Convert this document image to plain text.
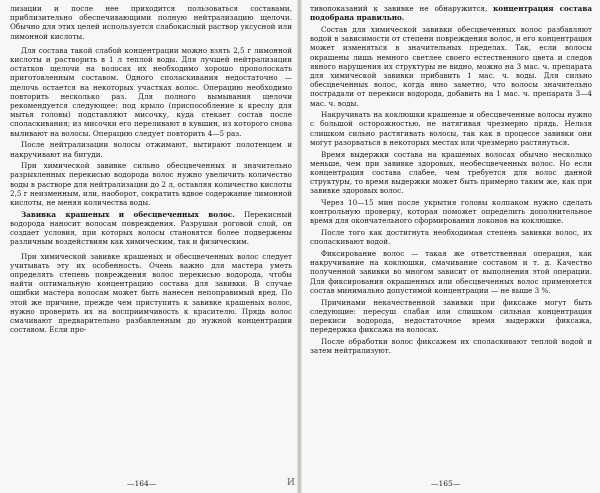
лизации и после нее приходится пользоваться составами, приблизительно обеспечивающими полную нейтрализацию щелочи. Обычно для этих целей используется слабокислый раствор уксусной или лимонной кислоты.

Для состава такой слабой концентрации можно взять 2,5 г лимонной кислоты и растворить в 1 л теплой воды. Для лучшей нейтрализации остатков щелочи на волосах их необходимо хорошо прополоскать приготовленным составом. Одного споласкивания недостаточно — щелочь остается на некоторых участках волос. Операцию необходимо повторить несколько раз. Для полного вымывания щелочи рекомендуется следующее: под крыло (приспособление к креслу для мытья головы) подставляют мисочку, куда стекает состав после споласкивания; из мисочки его переливают в кувшин, из которого снова выливают на волосы. Операцию следует повторить 4—5 раз.

После нейтрализации волосы отжимают, вытирают полотенцем и накручивают на бигуди.

При химической завивке сильно обесцвеченных и значительно разрыхленных перекисью водорода волос нужно увеличить количество воды в растворе для нейтрализации до 2 л, оставляя количество кислоты 2,5 г неизменным, или, наоборот, сократить вдвое содержание лимонной кислоты, не меняя количества воды.

Завивка крашеных и обесцвеченных волос. Перекисный водорода наносит волосам повреждения. Разрушая роговой слой, он создает условия, при которых волосы становятся более подвержены различным воздействиям как химическим, так и физическим.

При химической завивке крашеных и обесцвеченных волос следует учитывать эту их особенность. Очень важно для мастера уметь определять степень повреждения волос перекисью водорода, чтобы найти оптимальную концентрацию состава для завивки. В случае ошибки мастера волосам может быть нанесен непоправимый вред. По этой же причине, прежде чем приступить к завивке крашеных волос, нужно проверить их на восприимчивость к красителю. Прядь волос смачивают предварительно разбавленным до нужной концентрации составом. Если про-

—164—	И

тивопоказаний к завивке не обнаружится, концентрация состава подобрана правильно.

Состав для химической завивки обесцвеченных волос разбавляют водой в зависимости от степени повреждения волос, и его концентрация может изменяться в значительных пределах. Так, если волосы окрашены лишь немного светлее своего естественного цвета и следов явного нарушения их структуры не видно, можно на 3 мас. ч. препарата для химической завивки прибавить 1 мас. ч. воды. Для сильно обесцвеченных волос, когда явно заметно, что волосы значительно пострадали от перекиси водорода, добавить на 1 мас. ч. препарата 3—4 мас. ч. воды.

Накручивать на коклюшки крашеные и обесцвеченные волосы нужно с большой осторожностью, не натягивая чрезмерно прядь. Нельзя слишком сильно растягивать волосы, так как в процессе завивки они могут разорваться в некоторых местах или чрезмерно растянуться.

Время выдержки состава на крашеных волосах обычно несколько меньше, чем при завивке здоровых, необесцвеченных волос. Но если концентрация состава слабее, чем требуется для волос данной структуры, то время выдержки может быть примерно таким же, как при завивке здоровых волос.

Через 10—15 мин после укрытия головы колпаком нужно сделать контрольную проверку, которая поможет определить дополнительное время для окончательного сформирования локонов на коклюшке.

После того как достигнута необходимая степень завивки волос, их споласкивают водой.

Фиксирование волос — такая же ответственная операция, как накручивание на коклюшки, смачивание составом и т. д. Качество полученной завивки во многом зависит от выполнения этой операции. Для фиксирования окрашенных или обесцвеченных волос применяется состав минимально допустимой концентрации — не выше 3 %.

Причинами некачественной завивки при фиксаже могут быть следующие: пересуш слабая или слишком сильная концентрация перекиси водорода, недостаточное время выдержки фиксажа, передержка фиксажа на волосах.

После обработки волос фиксажем их споласкивают теплой водой и затем нейтрализуют.

—165—
